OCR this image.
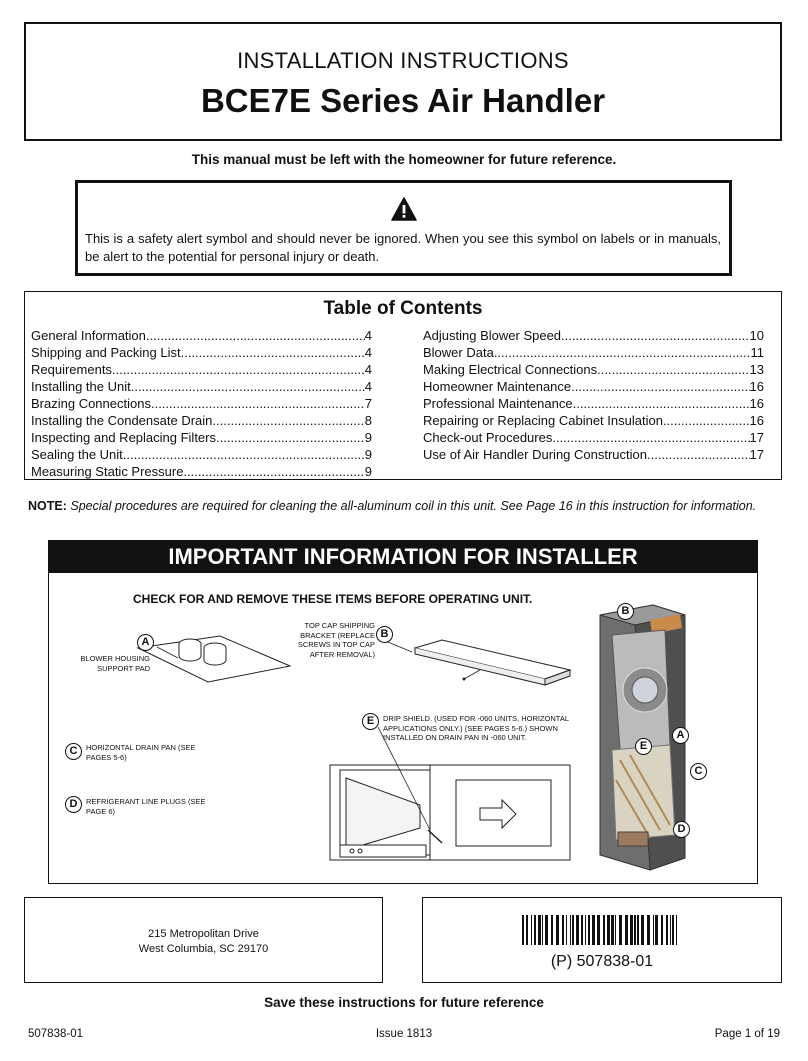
INSTALLATION INSTRUCTIONS
BCE7E Series Air Handler
This manual must be left with the homeowner for future reference.
This is a safety alert symbol and should never be ignored. When you see this symbol on labels or in manuals, be alert to the potential for personal injury or death.
Table of Contents
General Information .....	4
Shipping and Packing List .....	4
Requirements .....	4
Installing the Unit .....	4
Brazing Connections .....	7
Installing the Condensate Drain .....	8
Inspecting and Replacing Filters .....	9
Sealing the Unit .....	9
Measuring Static Pressure .....	9
Adjusting Blower Speed .....	10
Blower Data .....	11
Making Electrical Connections .....	13
Homeowner Maintenance .....	16
Professional Maintenance .....	16
Repairing or Replacing Cabinet Insulation .....	16
Check-out Procedures .....	17
Use of Air Handler During Construction .....	17
NOTE: Special procedures are required for cleaning the all-aluminum coil in this unit. See Page 16 in this instruction for information.
IMPORTANT INFORMATION FOR INSTALLER
CHECK FOR AND REMOVE THESE ITEMS BEFORE OPERATING UNIT.
A
BLOWER HOUSING SUPPORT PAD
B
TOP CAP SHIPPING BRACKET (REPLACE SCREWS IN TOP CAP AFTER REMOVAL)
C	HORIZONTAL DRAIN PAN (SEE PAGES 5-6)
D	REFRIGERANT LINE PLUGS (SEE PAGE 6)
E	DRIP SHIELD. (USED FOR -060 UNITS, HORIZONTAL APPLICATIONS ONLY.) (SEE PAGES 5-6.) SHOWN INSTALLED ON DRAIN PAN IN -060 UNIT.
B
A
E
C
D
215 Metropolitan Drive
West Columbia, SC 29170
(P) 507838-01
Save these instructions for future reference
507838-01	Issue 1813	Page 1 of 19
